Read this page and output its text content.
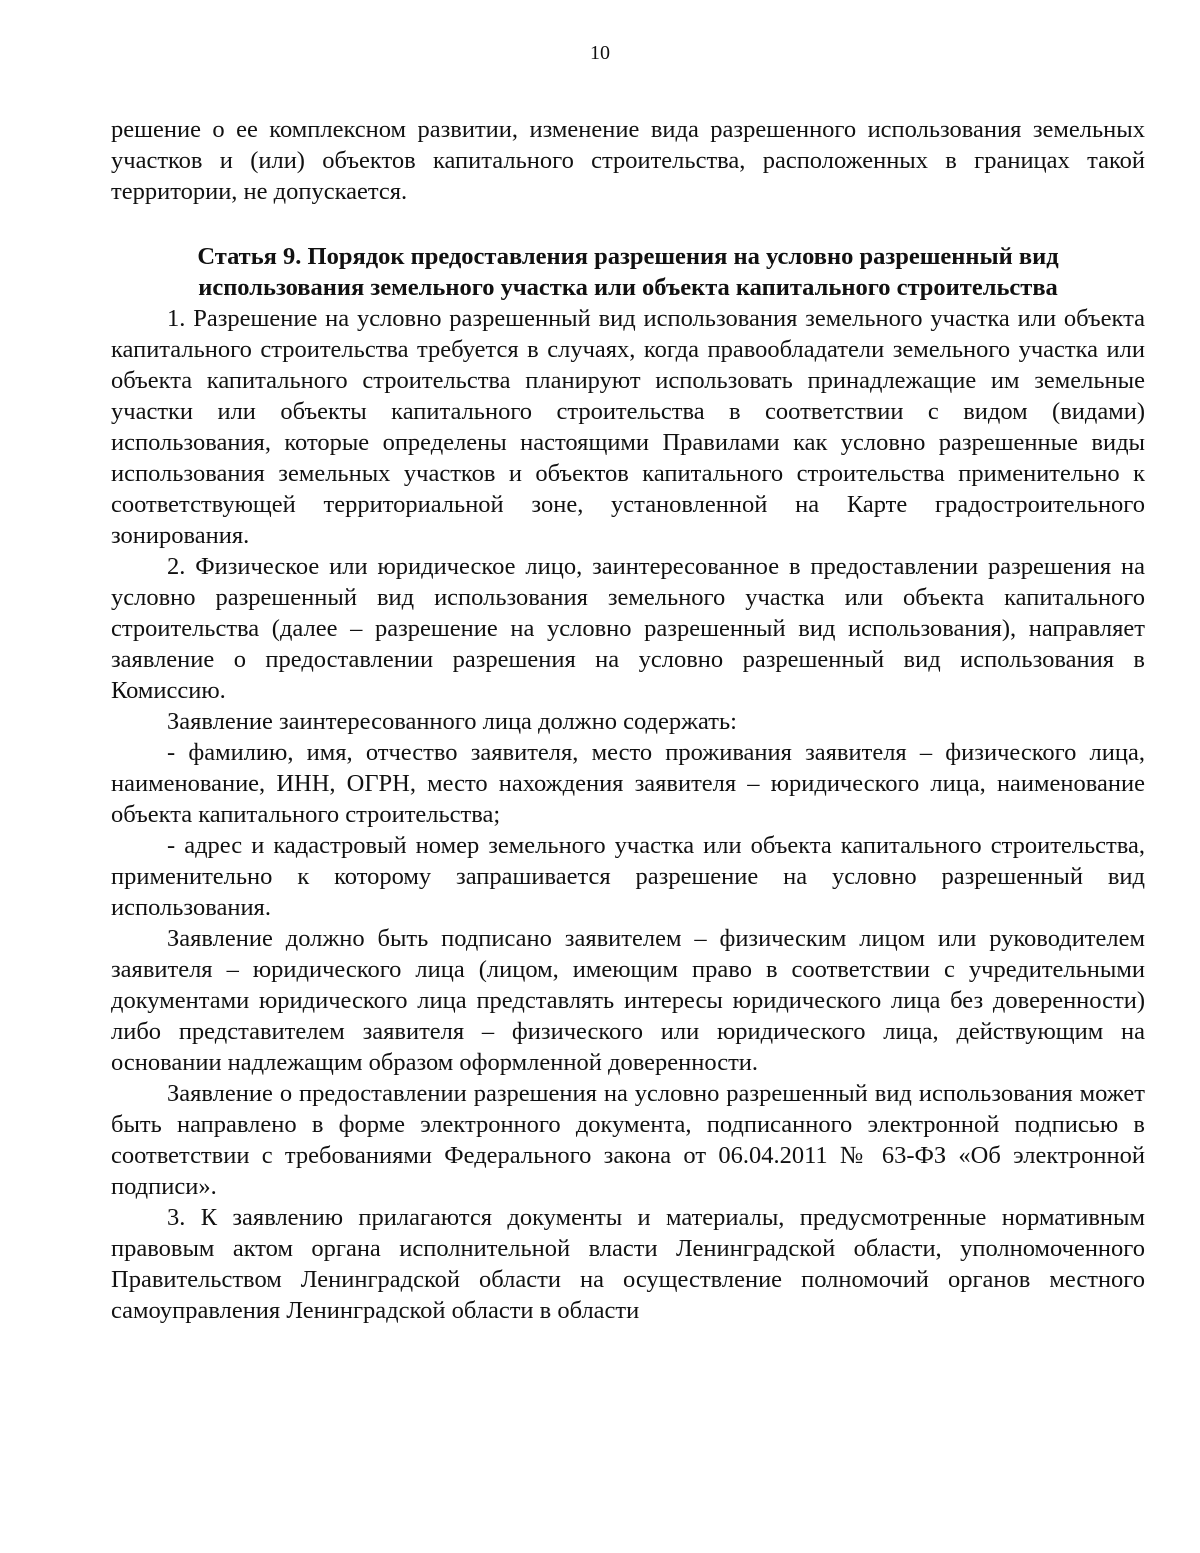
10

решение о ее комплексном развитии, изменение вида разрешенного использования земельных участков и (или) объектов капитального строительства, расположенных в границах такой территории, не допускается.

Статья 9. Порядок предоставления разрешения на условно разрешенный вид
использования земельного участка или объекта капитального строительства

1. Разрешение на условно разрешенный вид использования земельного участка или объекта капитального строительства требуется в случаях, когда правообладатели земельного участка или объекта капитального строительства планируют использовать принадлежащие им земельные участки или объекты капитального строительства в соответствии с видом (видами) использования, которые определены настоящими Правилами как условно разрешенные виды использования земельных участков и объектов капитального строительства применительно к соответствующей территориальной зоне, установленной на Карте градостроительного зонирования.

2. Физическое или юридическое лицо, заинтересованное в предоставлении разрешения на условно разрешенный вид использования земельного участка или объекта капитального строительства (далее – разрешение на условно разрешенный вид использования), направляет заявление о предоставлении разрешения на условно разрешенный вид использования в Комиссию.

Заявление заинтересованного лица должно содержать:

- фамилию, имя, отчество заявителя, место проживания заявителя – физического лица, наименование, ИНН, ОГРН, место нахождения заявителя – юридического лица, наименование объекта капитального строительства;

- адрес и кадастровый номер земельного участка или объекта капитального строительства, применительно к которому запрашивается разрешение на условно разрешенный вид использования.

Заявление должно быть подписано заявителем – физическим лицом или руководителем заявителя – юридического лица (лицом, имеющим право в соответствии с учредительными документами юридического лица представлять интересы юридического лица без доверенности) либо представителем заявителя – физического или юридического лица, действующим на основании надлежащим образом оформленной доверенности.

Заявление о предоставлении разрешения на условно разрешенный вид использования может быть направлено в форме электронного документа, подписанного электронной подписью в соответствии с требованиями Федерального закона от 06.04.2011 № 63-ФЗ «Об электронной подписи».

3. К заявлению прилагаются документы и материалы, предусмотренные нормативным правовым актом органа исполнительной власти Ленинградской области, уполномоченного Правительством Ленинградской области на осуществление полномочий органов местного самоуправления Ленинградской области в области
